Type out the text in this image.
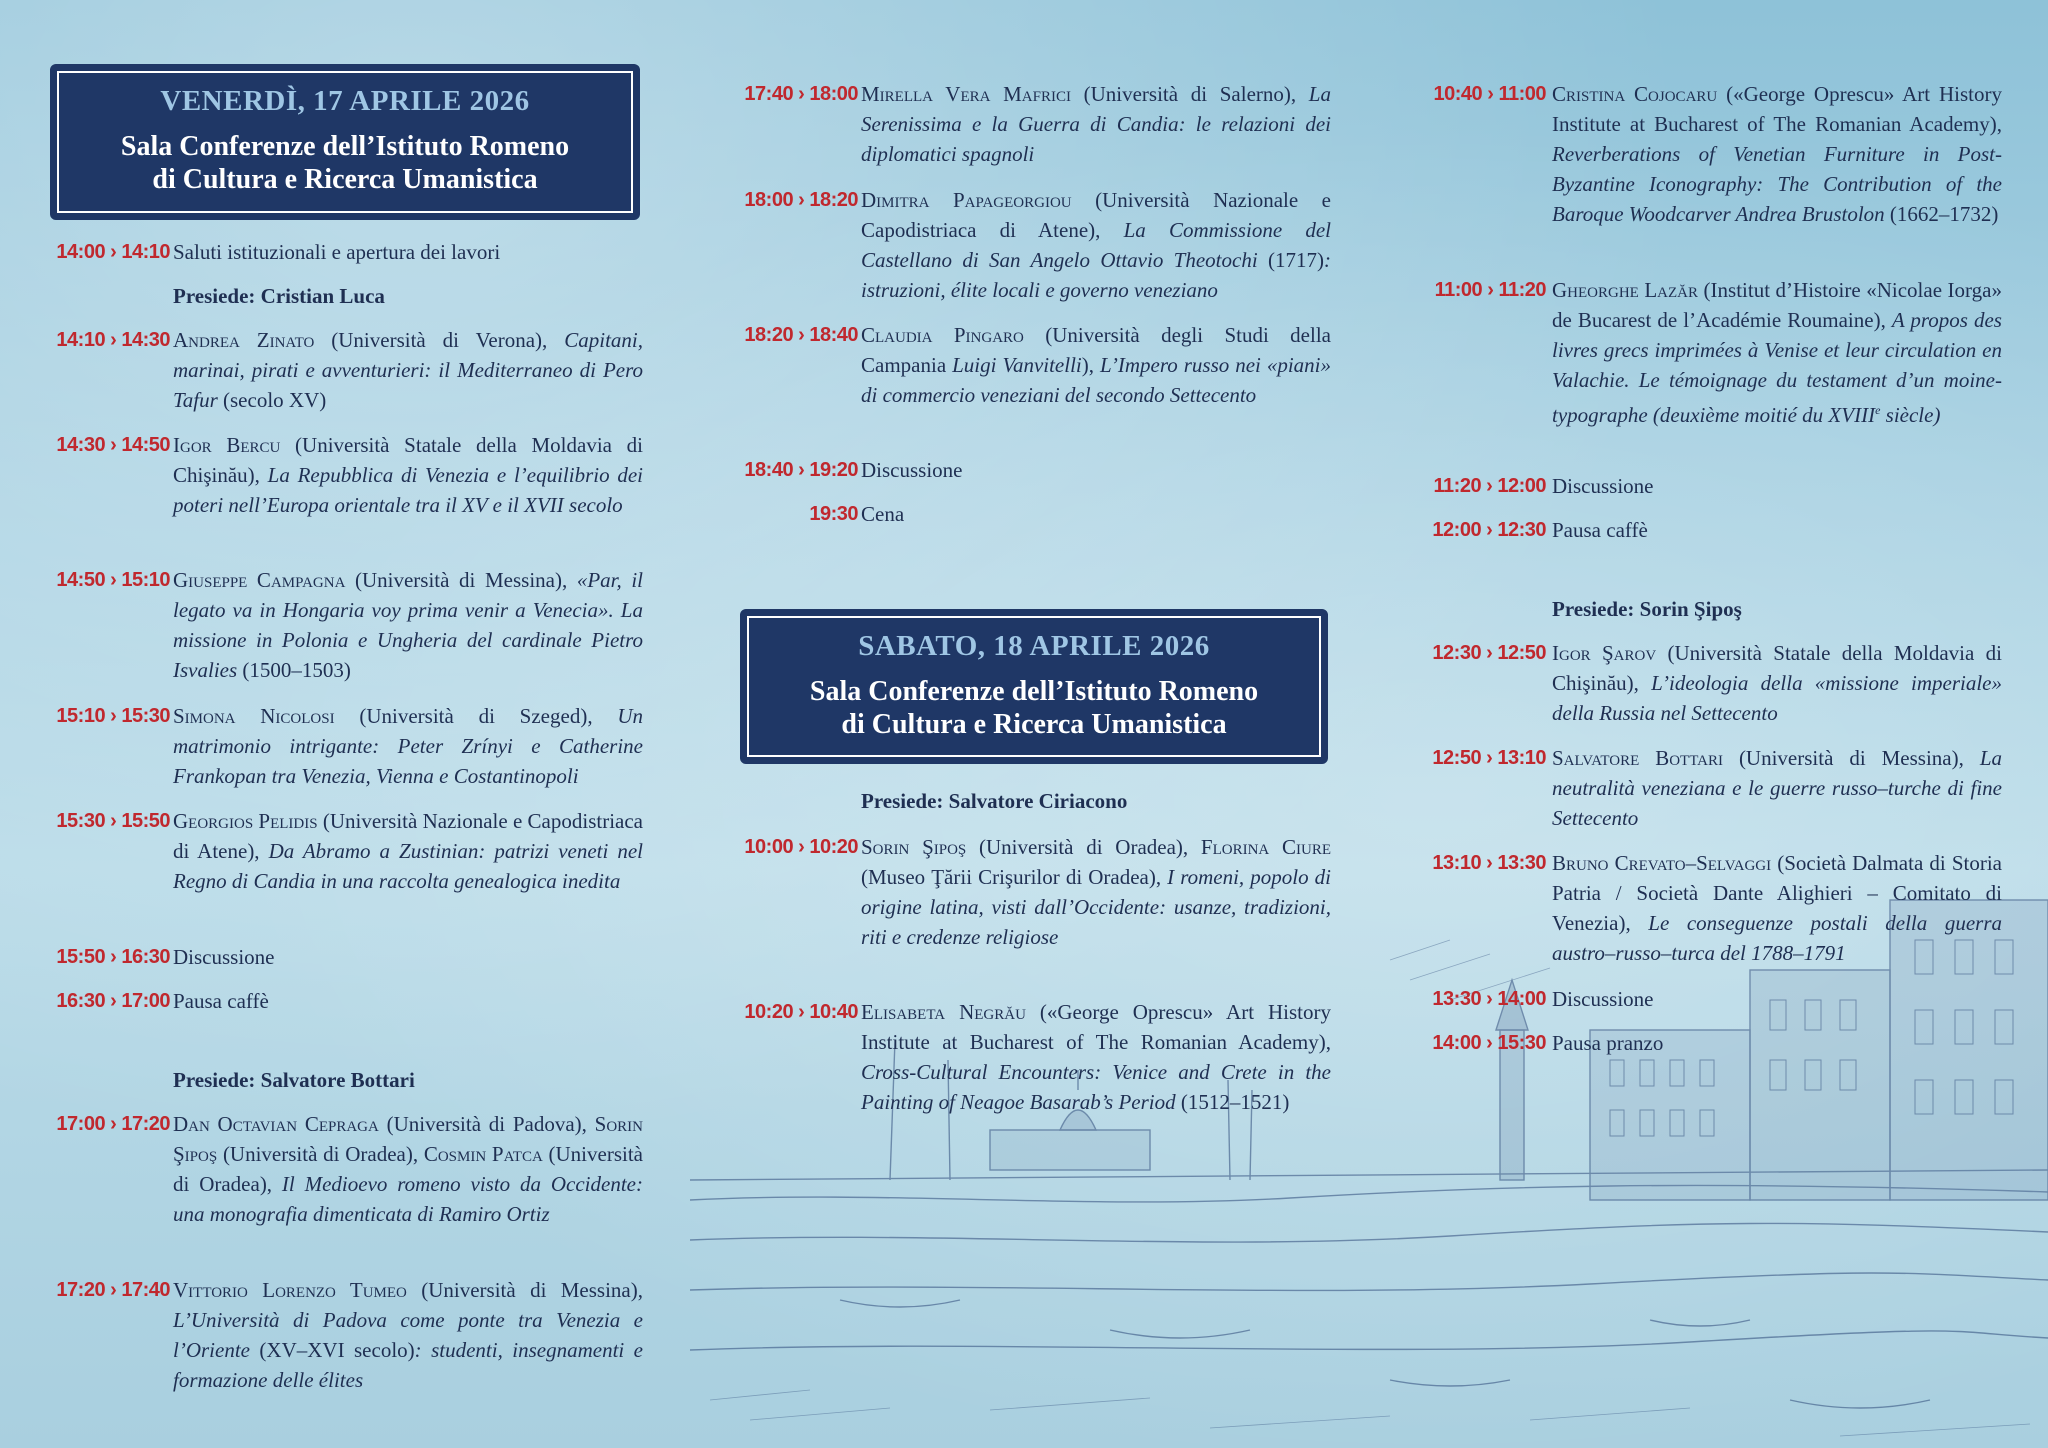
VENERDÌ, 17 APRILE 2026
Sala Conferenze dell’Istituto Romeno
di Cultura e Ricerca Umanistica
SABATO, 18 APRILE 2026
Sala Conferenze dell’Istituto Romeno
di Cultura e Ricerca Umanistica
14:00 › 14:10 Saluti istituzionali e apertura dei lavori
Presiede: Cristian Luca
14:10 › 14:30 Andrea Zinato (Università di Verona), Capitani, marinai, pirati e avventurieri: il Mediterraneo di Pero Tafur (secolo XV)
14:30 › 14:50 Igor Bercu (Università Statale della Moldavia di Chişinău), La Repubblica di Venezia e l’equilibrio dei poteri nell’Europa orientale tra il XV e il XVII secolo
14:50 › 15:10 Giuseppe Campagna (Università di Messina), «Par, il legato va in Hongaria voy prima venir a Venecia». La missione in Polonia e Ungheria del cardinale Pietro Isvalies (1500–1503)
15:10 › 15:30 Simona Nicolosi (Università di Szeged), Un matrimonio intrigante: Peter Zrínyi e Catherine Frankopan tra Venezia, Vienna e Costantinopoli
15:30 › 15:50 Georgios Pelidis (Università Nazionale e Capodistriaca di Atene), Da Abramo a Zustinian: patrizi veneti nel Regno di Candia in una raccolta genealogica inedita
15:50 › 16:30 Discussione
16:30 › 17:00 Pausa caffè
Presiede: Salvatore Bottari
17:00 › 17:20 Dan Octavian Cepraga (Università di Padova), Sorin Şipoş (Università di Oradea), Cosmin Patca (Università di Oradea), Il Medioevo romeno visto da Occidente: una monografia dimenticata di Ramiro Ortiz
17:20 › 17:40 Vittorio Lorenzo Tumeo (Università di Messina), L’Università di Padova come ponte tra Venezia e l’Oriente (XV–XVI secolo): studenti, insegnamenti e formazione delle élites
17:40 › 18:00 Mirella Vera Mafrici (Università di Salerno), La Serenissima e la Guerra di Candia: le relazioni dei diplomatici spagnoli
18:00 › 18:20 Dimitra Papageorgiou (Università Nazionale e Capodistriaca di Atene), La Commissione del Castellano di San Angelo Ottavio Theotochi (1717): istruzioni, élite locali e governo veneziano
18:20 › 18:40 Claudia Pingaro (Università degli Studi della Campania Luigi Vanvitelli), L’Impero russo nei «piani» di commercio veneziani del secondo Settecento
18:40 › 19:20 Discussione
19:30 Cena
Presiede: Salvatore Ciriacono
10:00 › 10:20 Sorin Şipoş (Università di Oradea), Florina Ciure (Museo Ţării Crişurilor di Oradea), I romeni, popolo di origine latina, visti dall’Occidente: usanze, tradizioni, riti e credenze religiose
10:20 › 10:40 Elisabeta Negrău («George Oprescu» Art History Institute at Bucharest of The Romanian Academy), Cross-Cultural Encounters: Venice and Crete in the Painting of Neagoe Basarab’s Period (1512–1521)
10:40 › 11:00 Cristina Cojocaru («George Oprescu» Art History Institute at Bucharest of The Romanian Academy), Reverberations of Venetian Furniture in Post-Byzantine Iconography: The Contribution of the Baroque Woodcarver Andrea Brustolon (1662–1732)
11:00 › 11:20 Gheorghe Lazăr (Institut d’Histoire «Nicolae Iorga» de Bucarest de l’Académie Roumaine), A propos des livres grecs imprimées à Venise et leur circulation en Valachie. Le témoignage du testament d’un moine-typographe (deuxième moitié du XVIIIe siècle)
11:20 › 12:00 Discussione
12:00 › 12:30 Pausa caffè
Presiede: Sorin Şipoş
12:30 › 12:50 Igor Şarov (Università Statale della Moldavia di Chişinău), L’ideologia della «missione imperiale» della Russia nel Settecento
12:50 › 13:10 Salvatore Bottari (Università di Messina), La neutralità veneziana e le guerre russo–turche di fine Settecento
13:10 › 13:30 Bruno Crevato–Selvaggi (Società Dalmata di Storia Patria / Società Dante Alighieri – Comitato di Venezia), Le conseguenze postali della guerra austro–russo–turca del 1788–1791
13:30 › 14:00 Discussione
14:00 › 15:30 Pausa pranzo
